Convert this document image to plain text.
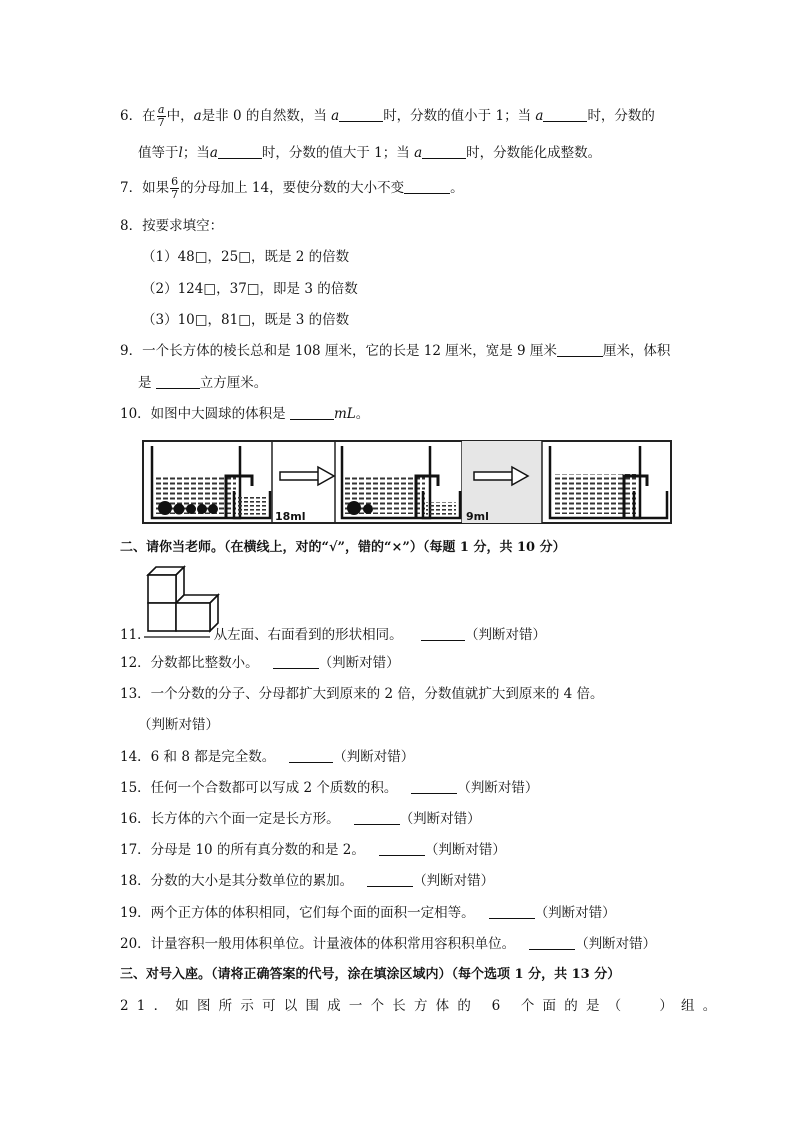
6．在 $\frac{a}{7}$ 中，a是非 0 的自然数，当 a	时，分数的值小于 1；当 a	时，分数的
值等于l；当a	时，分数的值大于 1；当 a	时，分数能化成整数。
7．如果 $\frac{6}{7}$ 的分母加上 14，要使分数的大小不变	。
8．按要求填空：
（1）48□，25□，既是 2 的倍数
（2）124□，37□，即是 3 的倍数
（3）10□，81□，既是 3 的倍数
9．一个长方体的棱长总和是 108 厘米，它的长是 12 厘米，宽是 9 厘米	厘米，体积
是	立方厘米。
10．如图中大圆球的体积是	mL。
18ml	9ml
二、请你当老师。（在横线上，对的“√”，错的“×”）（每题 1 分，共 10 分）
11．	从左面、右面看到的形状相同。	（判断对错）
12．分数都比整数小。	（判断对错）
13．一个分数的分子、分母都扩大到原来的 2 倍，分数值就扩大到原来的 4 倍。
（判断对错）
14．6 和 8 都是完全数。	（判断对错）
15．任何一个合数都可以写成 2 个质数的积。	（判断对错）
16．长方体的六个面一定是长方形。	（判断对错）
17．分母是 10 的所有真分数的和是 2。	（判断对错）
18．分数的大小是其分数单位的累加。	（判断对错）
19．两个正方体的体积相同，它们每个面的面积一定相等。	（判断对错）
20．计量容积一般用体积单位。计量液体的体积常用容积积单位。	（判断对错）
三、对号入座。（请将正确答案的代号，涂在填涂区域内）（每个选项 1 分，共 13 分）
21．如图所示可以围成一个长方体的 6 个面的是（ ）组。
